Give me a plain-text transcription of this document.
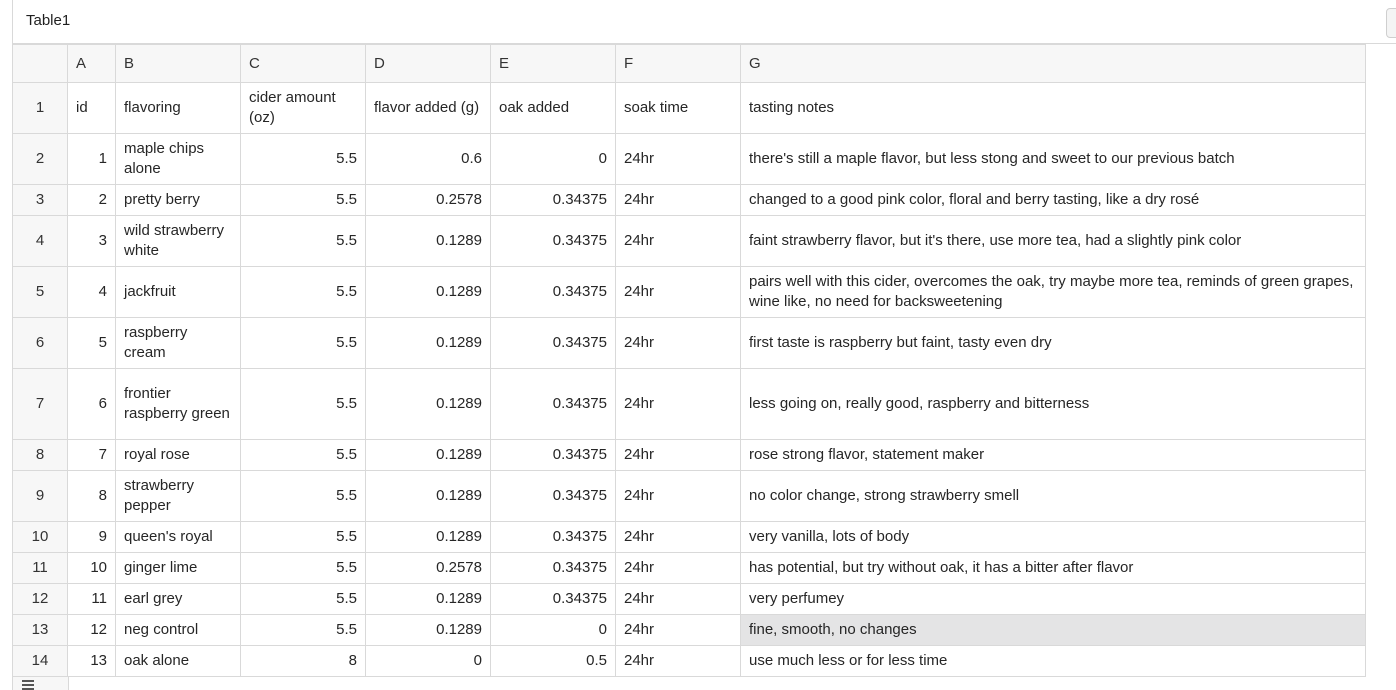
Table1
	A	B	C	D	E	F	G
1	id	flavoring	cider amount (oz)	flavor added (g)	oak added	soak time	tasting notes
2	1	maple chips alone	5.5	0.6	0	24hr	there's still a maple flavor, but less stong and sweet to our previous batch
3	2	pretty berry	5.5	0.2578	0.34375	24hr	changed to a good pink color, floral and berry tasting, like a dry rosé
4	3	wild strawberry white	5.5	0.1289	0.34375	24hr	faint strawberry flavor, but it's there, use more tea, had a slightly pink color
5	4	jackfruit	5.5	0.1289	0.34375	24hr	pairs well with this cider, overcomes the oak, try maybe more tea, reminds of green grapes, wine like, no need for backsweetening
6	5	raspberry cream	5.5	0.1289	0.34375	24hr	first taste is raspberry but faint, tasty even dry
7	6	frontier raspberry green	5.5	0.1289	0.34375	24hr	less going on, really good, raspberry and bitterness
8	7	royal rose	5.5	0.1289	0.34375	24hr	rose strong flavor, statement maker
9	8	strawberry pepper	5.5	0.1289	0.34375	24hr	no color change, strong strawberry smell
10	9	queen's royal	5.5	0.1289	0.34375	24hr	very vanilla, lots of body
11	10	ginger lime	5.5	0.2578	0.34375	24hr	has potential, but try without oak, it has a bitter after flavor
12	11	earl grey	5.5	0.1289	0.34375	24hr	very perfumey
13	12	neg control	5.5	0.1289	0	24hr	fine, smooth, no changes
14	13	oak alone	8	0	0.5	24hr	use much less or for less time
